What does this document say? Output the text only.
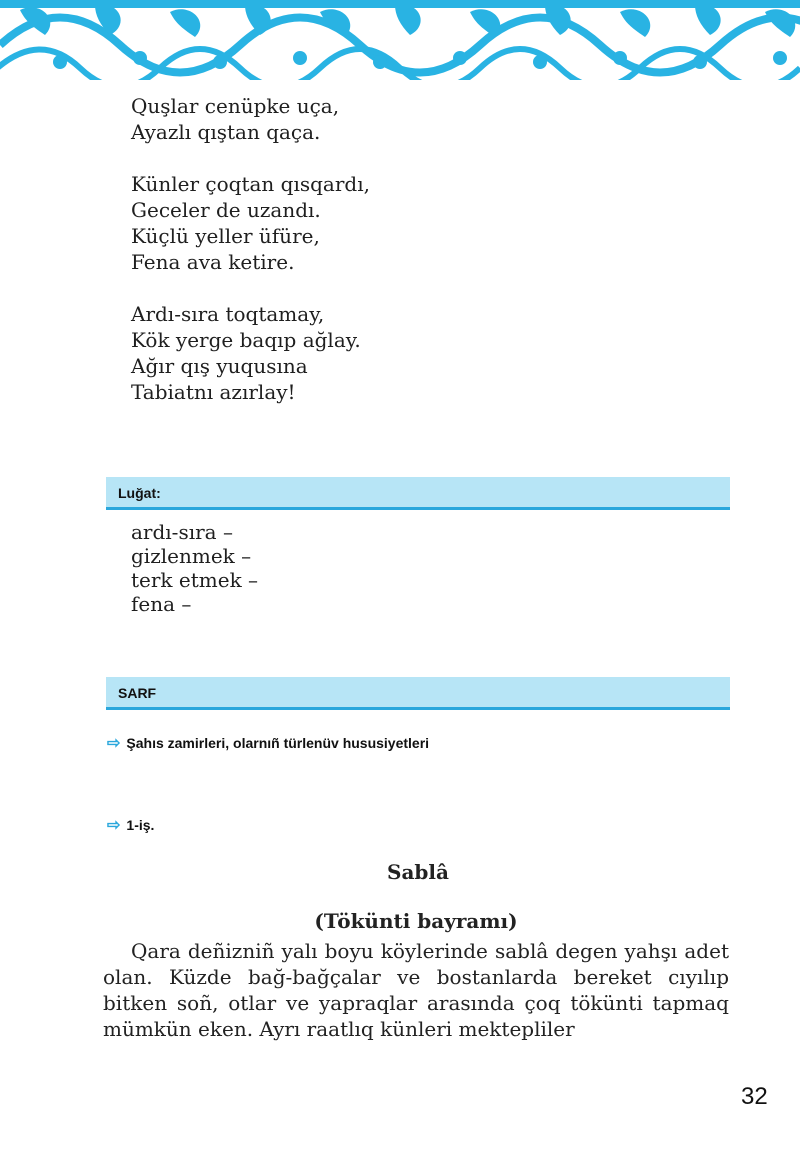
Quşlar cenüpke uça,
Ayazlı qıştan qaça.
Künler çoqtan qısqardı,
Geceler de uzandı.
Küçlü yeller üfüre,
Fena ava ketire.
Ardı-sıra toqtamay,
Kök yerge baqıp ağlay.
Ağır qış yuqusına
Tabiatnı azırlay!
Luğat:
ardı-sıra –
gizlenmek –
terk etmek –
fena –
SARF
⇨ Şahıs zamirleri, olarnıñ türlenüv hususiyetleri
⇨ 1-iş.
Sablâ
(Tökünti bayramı)
Qara deñizniñ yalı boyu köylerinde sablâ degen yahşı adet olan. Küzde bağ-bağçalar ve bostanlarda bereket cıyılıp bitken soñ, otlar ve yapraqlar arasında çoq tökünti tapmaq mümkün eken. Ayrı raatlıq künleri mektepliler
32
